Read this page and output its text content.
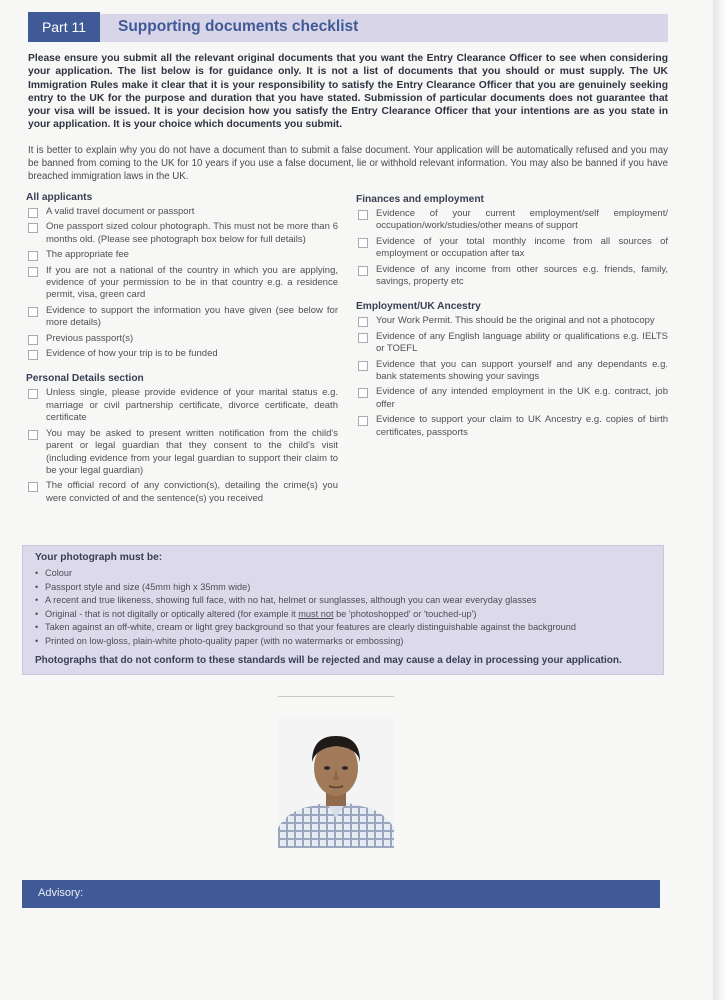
Part 11	Supporting documents checklist
Please ensure you submit all the relevant original documents that you want the Entry Clearance Officer to see when considering your application. The list below is for guidance only. It is not a list of documents that you should or must supply. The UK Immigration Rules make it clear that it is your responsibility to satisfy the Entry Clearance Officer that you are genuinely seeking entry to the UK for the purpose and duration that you have stated. Submission of particular documents does not guarantee that your visa will be issued. It is your decision how you satisfy the Entry Clearance Officer that your intentions are as you state in your application. It is your choice which documents you submit.
It is better to explain why you do not have a document than to submit a false document. Your application will be automatically refused and you may be banned from coming to the UK for 10 years if you use a false document, lie or withhold relevant information. You may also be banned if you have breached immigration laws in the UK.
All applicants
A valid travel document or passport
One passport sized colour photograph. This must not be more than 6 months old. (Please see photograph box below for full details)
The appropriate fee
If you are not a national of the country in which you are applying, evidence of your permission to be in that country e.g. a residence permit, visa, green card
Evidence to support the information you have given (see below for more details)
Previous passport(s)
Evidence of how your trip is to be funded
Personal Details section
Unless single, please provide evidence of your marital status e.g. marriage or civil partnership certificate, divorce certificate, death certificate
You may be asked to present written notification from the child's parent or legal guardian that they consent to the child's visit (including evidence from your legal guardian to support their claim to be your legal guardian)
The official record of any conviction(s), detailing the crime(s) you were convicted of and the sentence(s) you received
Finances and employment
Evidence of your current employment/self employment/ occupation/work/studies/other means of support
Evidence of your total monthly income from all sources of employment or occupation after tax
Evidence of any income from other sources e.g. friends, family, savings, property etc
Employment/UK Ancestry
Your Work Permit. This should be the original and not a photocopy
Evidence of any English language ability or qualifications e.g. IELTS or TOEFL
Evidence that you can support yourself and any dependants e.g. bank statements showing your savings
Evidence of any intended employment in the UK e.g. contract, job offer
Evidence to support your claim to UK Ancestry e.g. copies of birth certificates, passports
Your photograph must be:
• Colour
• Passport style and size (45mm high x 35mm wide)
• A recent and true likeness, showing full face, with no hat, helmet or sunglasses, although you can wear everyday glasses
• Original - that is not digitally or optically altered (for example it must not be 'photoshopped' or 'touched-up')
• Taken against an off-white, cream or light grey background so that your features are clearly distinguishable against the background
• Printed on low-gloss, plain-white photo-quality paper (with no watermarks or embossing)
Photographs that do not conform to these standards will be rejected and may cause a delay in processing your application.
Advisory:
